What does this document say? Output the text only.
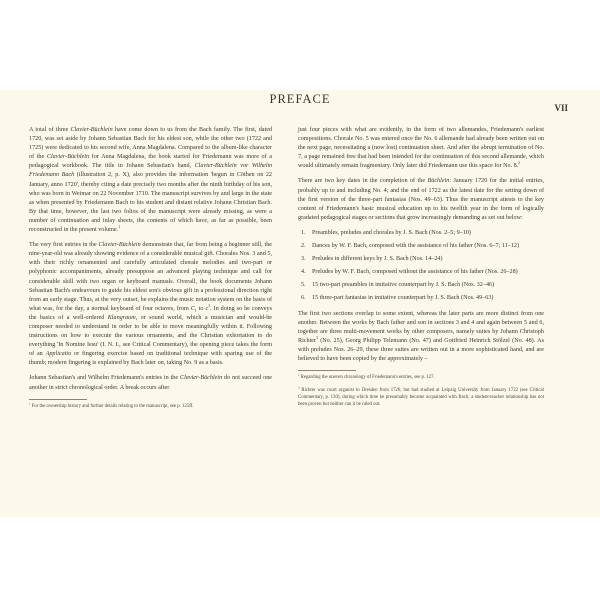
PREFACE
VII

A total of three Clavier-Büchlein have come down to us from the Bach family. The first, dated 1720, was set aside by Johann Sebastian Bach for his eldest son, while the other two (1722 and 1725) were dedicated to his second wife, Anna Magdalena. Compared to the album-like character of the Clavier-Büchlein for Anna Magdalena, the book started for Friedemann was more of a pedagogical workbook. The title in Johann Sebastian's hand, Clavier-Büchlein vor Wilhelm Friedemann Bach (illustration 2, p. X), also provides the information 'begun in Cöthen on 22 January, anno 1720', thereby citing a date precisely two months after the ninth birthday of his son, who was born in Weimar on 22 November 1710. The manuscript survives by and large in the state as when presented by Friedemann Bach to his student and distant relative Johann Christian Bach. By that time, however, the last two folios of the manuscript were already missing, as were a number of continuation and inlay sheets, the contents of which have, as far as possible, been reconstructed in the present volume.$^1$

The very first entries in the Clavier-Büchlein demonstrate that, far from being a beginner still, the nine-year-old was already showing evidence of a considerable musical gift. Chorales Nos. 3 and 5, with their richly ornamented and carefully articulated chorale melodies and two-part or polyphonic accompaniments, already presuppose an advanced playing technique and call for considerable skill with two organ or keyboard manuals. Overall, the book documents Johann Sebastian Bach's endeavours to guide his eldest son's obvious gift in a professional direction right from an early stage. Thus, at the very outset, he explains the music notation system on the basis of what was, for the day, a normal keyboard of four octaves, from $C_1$ to $c^3$. In doing so he conveys the basics of a well-ordered Klangraum, or sound world, which a musician and would-be composer needed to understand in order to be able to move meaningfully within it. Following instructions on how to execute the various ornaments, and the Christian exhortation to do everything 'In Nomine Iesu' (I. N. I., see Critical Commentary), the opening piece takes the form of an Applicatio or fingering exercise based on traditional technique with sparing use of the thumb; modern fingering is explained by Bach later on, taking No. 9 as a basis.

Johann Sebastian's and Wilhelm Friedemann's entries in the Clavier-Büchlein do not succeed one another in strict chronological order. A break occurs after

$^1$ For the ownership history and further details relating to the manuscript, see p. 125ff.

just four pieces with what are evidently, in the form of two allemandes, Friedemann's earliest compositions. Chorale No. 5 was entered once the No. 6 allemande had already been written out on the next page, necessitating a (now lost) continuation sheet. And after the abrupt termination of No. 7, a page remained free that had been intended for the continuation of this second allemande, which would ultimately remain fragmentary. Only later did Friedemann use this space for No. 8.$^2$

There are two key dates in the completion of the Büchlein: January 1720 for the initial entries, probably up to and including No. 4; and the end of 1722 as the latest date for the setting down of the first version of the three-part fantasias (Nos. 49–63). Thus the manuscript attests to the key content of Friedemann's basic musical education up to his twelfth year in the form of logically gradated pedagogical stages or sections that grow increasingly demanding as set out below:

1. Preambles, preludes and chorales by J. S. Bach (Nos. 2–5; 9–10)
2. Dances by W. F. Bach, composed with the assistance of his father (Nos. 6–7; 11–12)
3. Preludes in different keys by J. S. Bach (Nos. 14–24)
4. Preludes by W. F. Bach, composed without the assistance of his father (Nos. 26–28)
5. 15 two-part preambles in imitative counterpart by J. S. Bach (Nos. 32–46)
6. 15 three-part fantasias in imitative counterpart by J. S. Bach (Nos. 49–63)

The first two sections overlap to some extent, whereas the later parts are more distinct from one another. Between the works by Bach father and son in sections 3 and 4 and again between 5 and 6, together are three multi-movement works by other composers, namely suites by Johann Christoph Richter$^3$ (No. 25), Georg Philipp Telemann (No. 47) and Gottfried Heinrich Stölzel (No. 48). As with preludes Nos. 26–29, these three suites are written out in a more sophisticated hand, and are believed to have been copied by the approximately –

$^2$ Regarding the uneven chronology of Friedemann's entries, see p. 127.

$^3$ Richter was court organist in Dresden from 1726, but had studied at Leipzig University from January 1722 (see Critical Commentary, p. 130), during which time he presumably became acquainted with Bach; a student-teacher relationship has not been proven but neither can it be ruled out.
